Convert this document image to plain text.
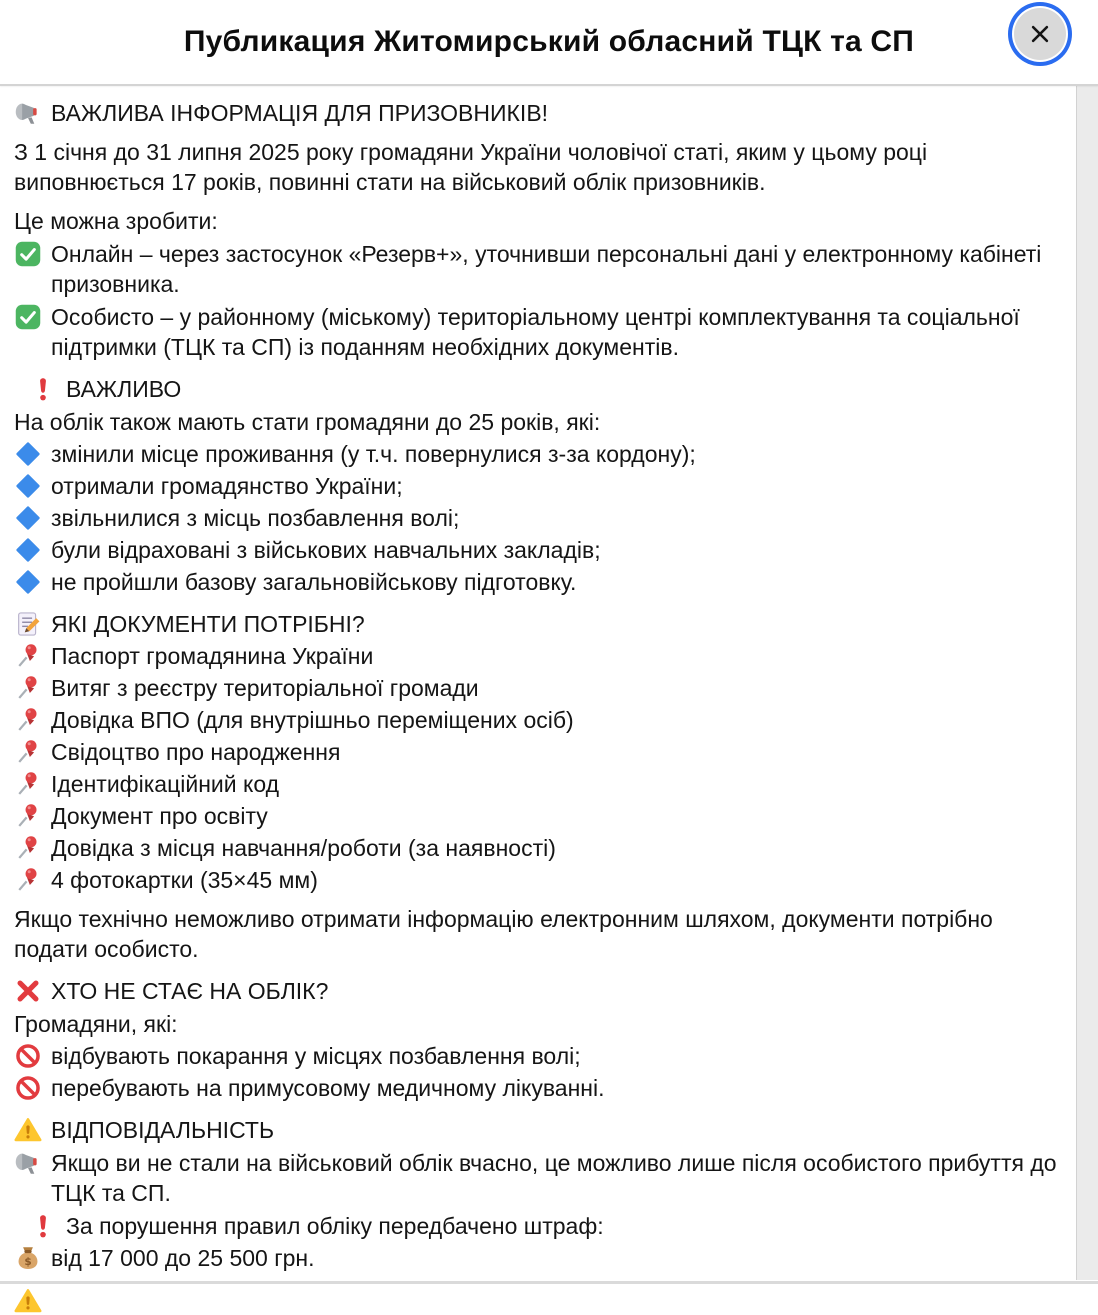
Публикация Житомирський обласний ТЦК та СП
ВАЖЛИВА ІНФОРМАЦІЯ ДЛЯ ПРИЗОВНИКІВ!
З 1 січня до 31 липня 2025 року громадяни України чоловічої статі, яким у цьому році виповнюється 17 років, повинні стати на військовий облік призовників.
Це можна зробити:
Онлайн – через застосунок «Резерв+», уточнивши персональні дані у електронному кабінеті призовника.
Особисто – у районному (міському) територіальному центрі комплектування та соціальної підтримки (ТЦК та СП) із поданням необхідних документів.
ВАЖЛИВО
На облік також мають стати громадяни до 25 років, які:
змінили місце проживання (у т.ч. повернулися з-за кордону);
отримали громадянство України;
звільнилися з місць позбавлення волі;
були відраховані з військових навчальних закладів;
не пройшли базову загальновійськову підготовку.
ЯКІ ДОКУМЕНТИ ПОТРІБНІ?
Паспорт громадянина України
Витяг з реєстру територіальної громади
Довідка ВПО (для внутрішньо переміщених осіб)
Свідоцтво про народження
Ідентифікаційний код
Документ про освіту
Довідка з місця навчання/роботи (за наявності)
4 фотокартки (35×45 мм)
Якщо технічно неможливо отримати інформацію електронним шляхом, документи потрібно подати особисто.
ХТО НЕ СТАЄ НА ОБЛІК?
Громадяни, які:
відбувають покарання у місцях позбавлення волі;
перебувають на примусовому медичному лікуванні.
ВІДПОВІДАЛЬНІСТЬ
Якщо ви не стали на військовий облік вчасно, це можливо лише після особистого прибуття до ТЦК та СП.
За порушення правил обліку передбачено штраф:
$ від 17 000 до 25 500 грн.
